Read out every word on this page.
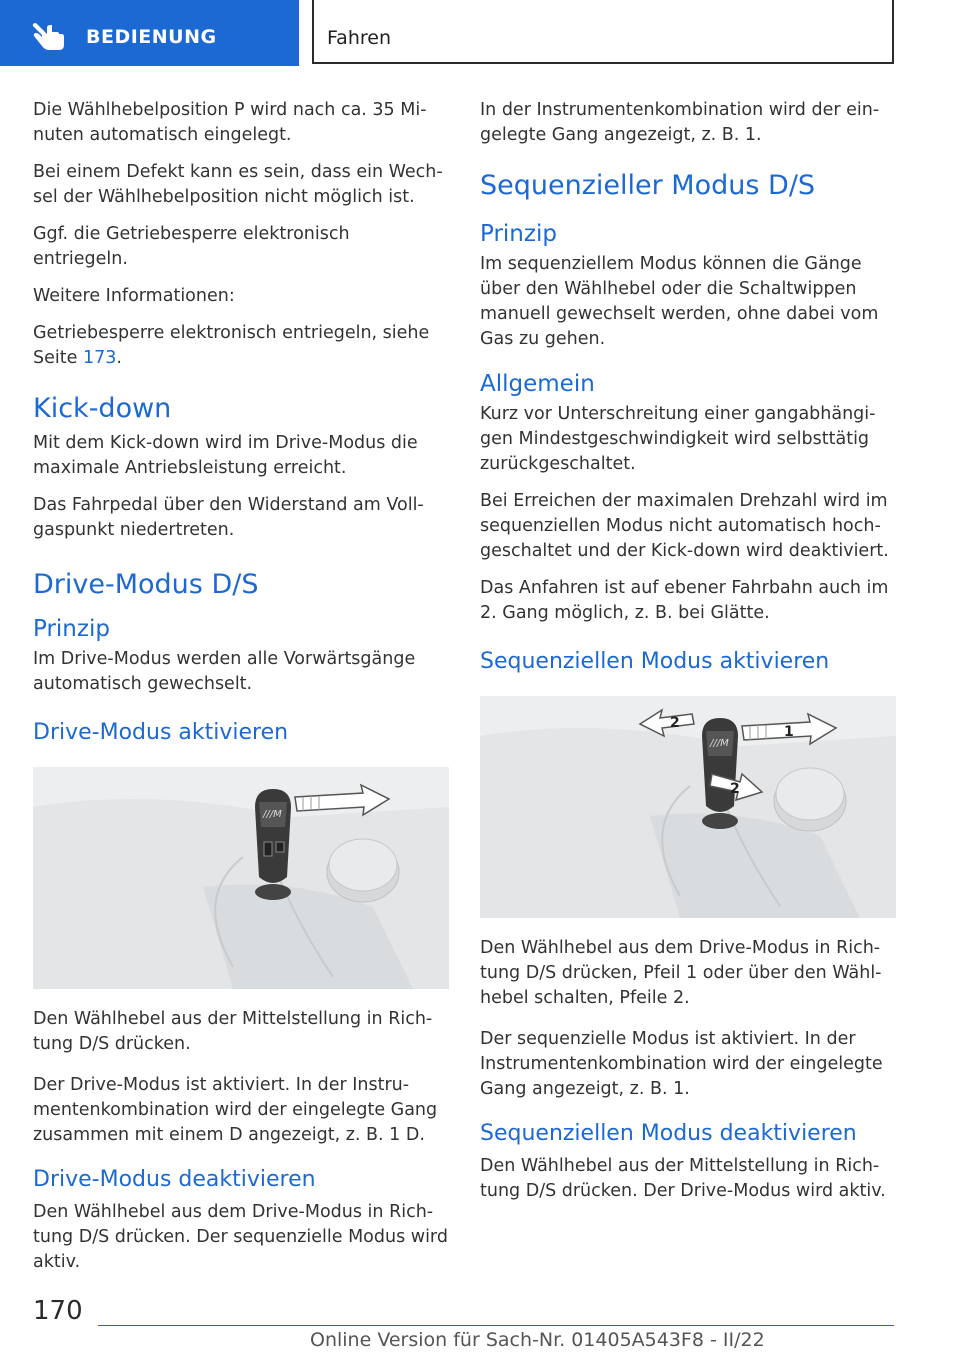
BEDIENUNG	Fahren

Die Wählhebelposition P wird nach ca. 35 Mi-nuten automatisch eingelegt.

Bei einem Defekt kann es sein, dass ein Wech-sel der Wählhebelposition nicht möglich ist.

Ggf. die Getriebesperre elektronisch entriegeln.

Weitere Informationen:

Getriebesperre elektronisch entriegeln, siehe Seite 173.

Kick-down

Mit dem Kick-down wird im Drive-Modus die maximale Antriebsleistung erreicht.

Das Fahrpedal über den Widerstand am Voll-gaspunkt niedertreten.

Drive-Modus D/S
Prinzip

Im Drive-Modus werden alle Vorwärtsgänge automatisch gewechselt.

Drive-Modus aktivieren
///M

Den Wählhebel aus der Mittelstellung in Rich-tung D/S drücken.

Der Drive-Modus ist aktiviert. In der Instru-mentenkombination wird der eingelegte Gang zusammen mit einem D angezeigt, z. B. 1 D.

Drive-Modus deaktivieren

Den Wählhebel aus dem Drive-Modus in Rich-tung D/S drücken. Der sequenzielle Modus wird aktiv.

In der Instrumentenkombination wird der ein-gelegte Gang angezeigt, z. B. 1.

Sequenzieller Modus D/S
Prinzip

Im sequenziellem Modus können die Gänge über den Wählhebel oder die Schaltwippen manuell gewechselt werden, ohne dabei vom Gas zu gehen.

Allgemein

Kurz vor Unterschreitung einer gangabhängi-gen Mindestgeschwindigkeit wird selbsttätig zurückgeschaltet.

Bei Erreichen der maximalen Drehzahl wird im sequenziellen Modus nicht automatisch hoch-geschaltet und der Kick-down wird deaktiviert.

Das Anfahren ist auf ebener Fahrbahn auch im 2. Gang möglich, z. B. bei Glätte.

Sequenziellen Modus aktivieren
///M
2
1
2

Den Wählhebel aus dem Drive-Modus in Rich-tung D/S drücken, Pfeil 1 oder über den Wähl-hebel schalten, Pfeile 2.

Der sequenzielle Modus ist aktiviert. In der Instrumentenkombination wird der eingelegte Gang angezeigt, z. B. 1.

Sequenziellen Modus deaktivieren

Den Wählhebel aus der Mittelstellung in Rich-tung D/S drücken. Der Drive-Modus wird aktiv.

170
Online Version für Sach-Nr. 01405A543F8 - II/22
